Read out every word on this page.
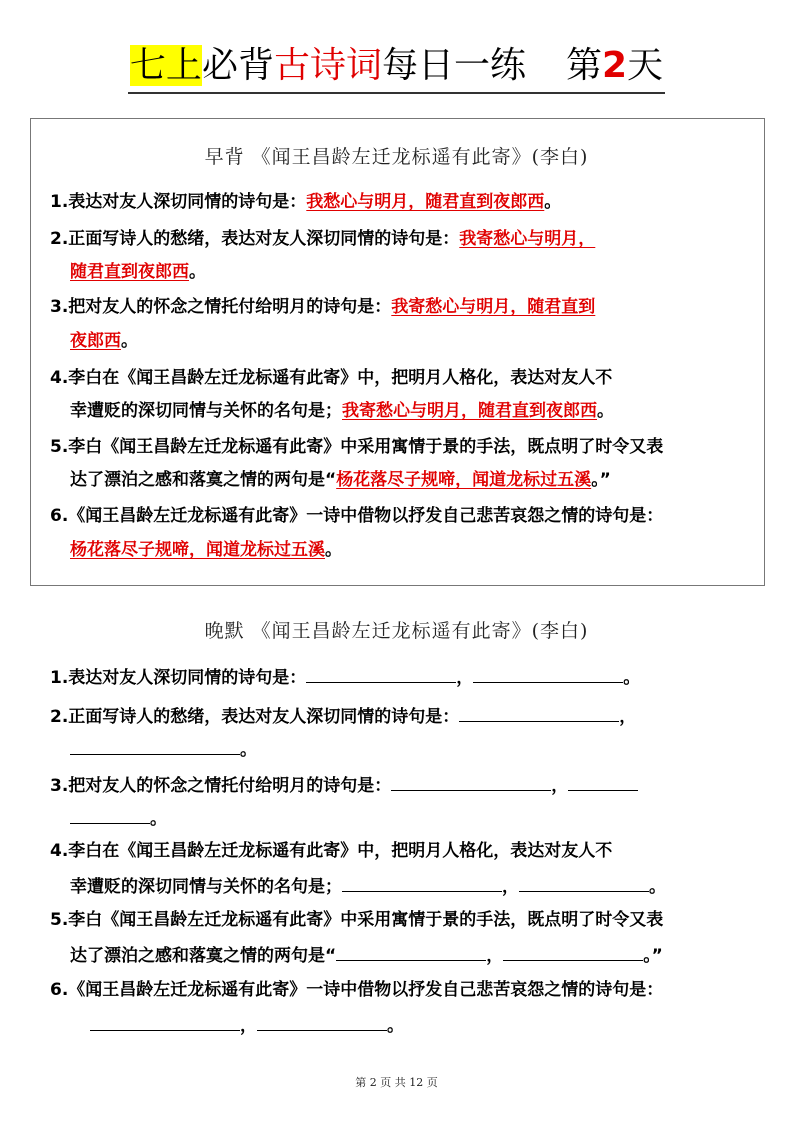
七上必背古诗词每日一练 第2天
早背 《闻王昌龄左迁龙标遥有此寄》(李白)
1.表达对友人深切同情的诗句是：我愁心与明月，随君直到夜郎西。
2.正面写诗人的愁绪，表达对友人深切同情的诗句是：我寄愁心与明月，
随君直到夜郎西。
3.把对友人的怀念之情托付给明月的诗句是：我寄愁心与明月，随君直到
夜郎西。
4.李白在《闻王昌龄左迁龙标遥有此寄》中，把明月人格化，表达对友人不
幸遭贬的深切同情与关怀的名句是；我寄愁心与明月，随君直到夜郎西。
5.李白《闻王昌龄左迁龙标遥有此寄》中采用寓情于景的手法，既点明了时令又表
达了漂泊之感和落寞之情的两句是“杨花落尽子规啼，闻道龙标过五溪。”
6.《闻王昌龄左迁龙标遥有此寄》一诗中借物以抒发自己悲苦哀怨之情的诗句是：
杨花落尽子规啼，闻道龙标过五溪。
晚默 《闻王昌龄左迁龙标遥有此寄》(李白)
1.表达对友人深切同情的诗句是：	，	。
2.正面写诗人的愁绪，表达对友人深切同情的诗句是：	，
。
3.把对友人的怀念之情托付给明月的诗句是：	，
。
4.李白在《闻王昌龄左迁龙标遥有此寄》中，把明月人格化，表达对友人不
幸遭贬的深切同情与关怀的名句是；	，	。
5.李白《闻王昌龄左迁龙标遥有此寄》中采用寓情于景的手法，既点明了时令又表
达了漂泊之感和落寞之情的两句是“	，	。”
6.《闻王昌龄左迁龙标遥有此寄》一诗中借物以抒发自己悲苦哀怨之情的诗句是：
，	。
第 2 页 共 12 页
